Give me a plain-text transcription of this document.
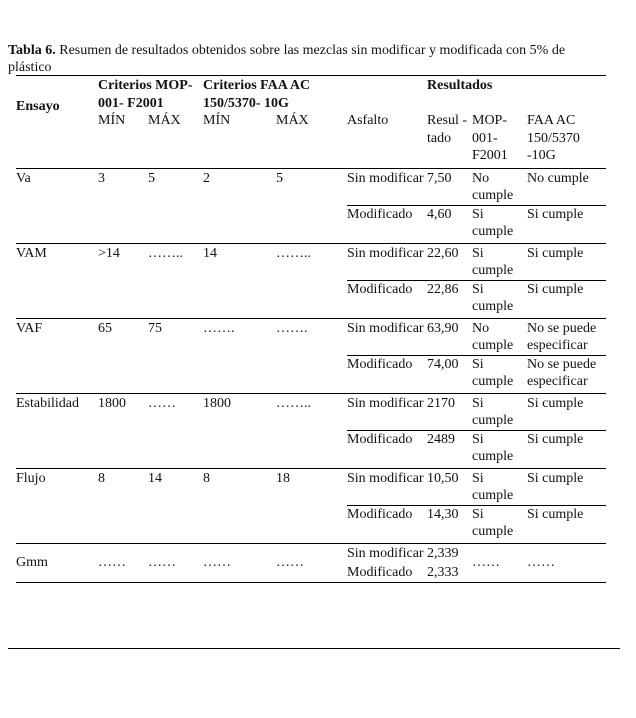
Tabla 6. Resumen de resultados obtenidos sobre las mezclas sin modificar y modificada con 5% de plástico
Ensayo	Criterios MOP- 001- F2001		Criterios FAA AC 150/5370- 10G			Resultados		
	MÍN	MÁX	MÍN	MÁX	Asfalto	Resul -tado	MOP- 001- F2001	FAA AC 150/5370 -10G
Va	3	5	2	5	Sin modificar	7,50	No cumple	No cumple
					Modificado	4,60	Si cumple	Si cumple
VAM	>14	……..	14	……..	Sin modificar	22,60	Si cumple	Si cumple
					Modificado	22,86	Si cumple	Si cumple
VAF	65	75	…….	…….	Sin modificar	63,90	No cumple	No se puede especificar
					Modificado	74,00	Si cumple	No se puede especificar
Estabilidad	1800	……	1800	……..	Sin modificar	2170	Si cumple	Si cumple
					Modificado	2489	Si cumple	Si cumple
Flujo	8	14	8	18	Sin modificar	10,50	Si cumple	Si cumple
					Modificado	14,30	Si cumple	Si cumple
Gmm	……	……	……	……	Sin modificar	2,339	……	……
					Modificado	2,333		
